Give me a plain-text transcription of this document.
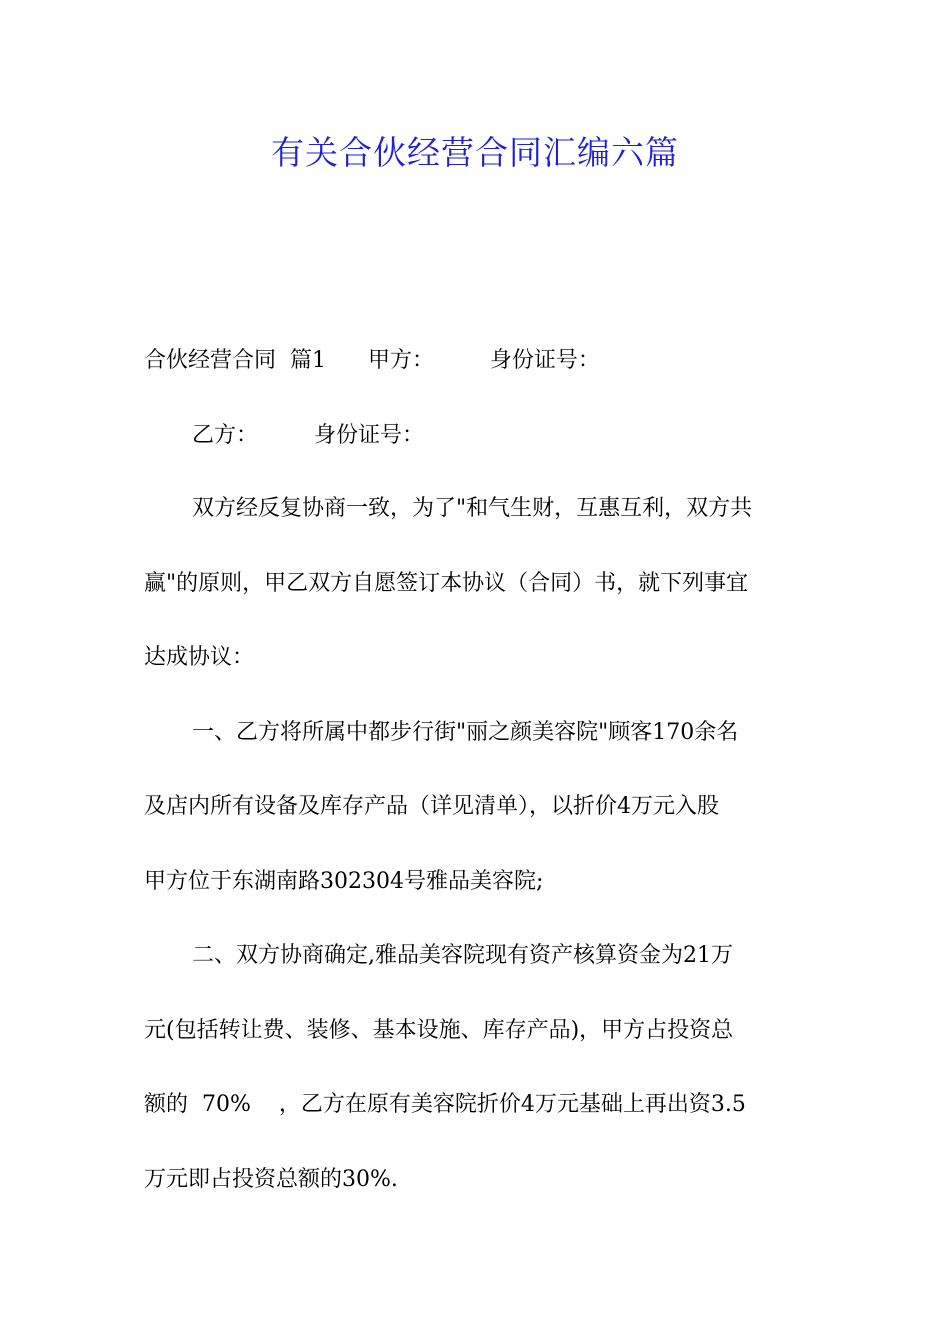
有关合伙经营合同汇编六篇
合伙经营合同  篇1      甲方：        身份证号：
乙方：        身份证号：
双方经反复协商一致，为了"和气生财，互惠互利，双方共
赢"的原则，甲乙双方自愿签订本协议（合同）书，就下列事宜
达成协议：
一、乙方将所属中都步行街"丽之颜美容院"顾客170余名
及店内所有设备及库存产品（详见清单），以折价4万元入股
甲方位于东湖南路302304号雅品美容院;
二、双方协商确定,雅品美容院现有资产核算资金为21万
元(包括转让费、装修、基本设施、库存产品)，甲方占投资总
额的  70%    ，乙方在原有美容院折价4万元基础上再出资3.5
万元即占投资总额的30%.
